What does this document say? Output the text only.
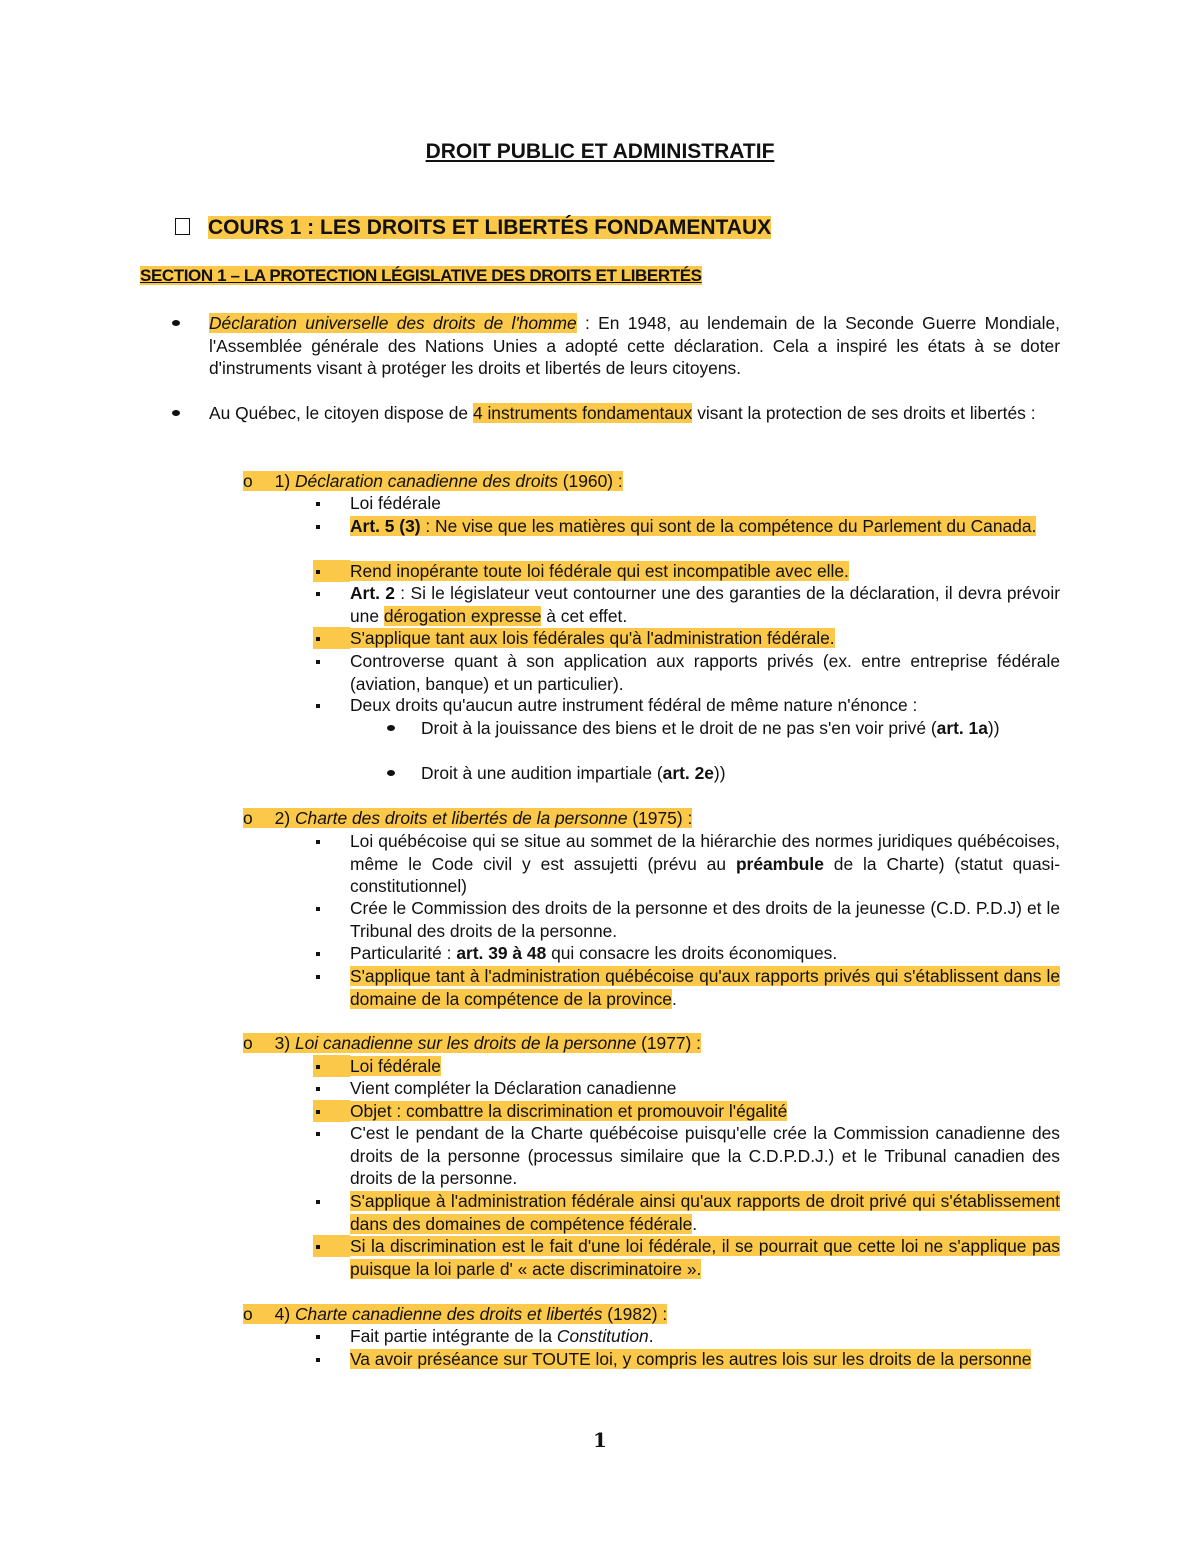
DROIT PUBLIC ET ADMINISTRATIF
COURS 1 : LES DROITS ET LIBERTÉS FONDAMENTAUX
SECTION 1 – LA PROTECTION LÉGISLATIVE DES DROITS ET LIBERTÉS

Déclaration universelle des droits de l'homme : En 1948, au lendemain de la Seconde Guerre Mondiale, l'Assemblée générale des Nations Unies a adopté cette déclaration. Cela a inspiré les états à se doter d'instruments visant à protéger les droits et libertés de leurs citoyens.

Au Québec, le citoyen dispose de 4 instruments fondamentaux visant la protection de ses droits et libertés :

o 1) Déclaration canadienne des droits (1960) :

Loi fédérale

Art. 5 (3) : Ne vise que les matières qui sont de la compétence du Parlement du Canada.

Rend inopérante toute loi fédérale qui est incompatible avec elle.

Art. 2 : Si le législateur veut contourner une des garanties de la déclaration, il devra prévoir une dérogation expresse à cet effet.

S'applique tant aux lois fédérales qu'à l'administration fédérale.

Controverse quant à son application aux rapports privés (ex. entre entreprise fédérale (aviation, banque) et un particulier).

Deux droits qu'aucun autre instrument fédéral de même nature n'énonce :

Droit à la jouissance des biens et le droit de ne pas s'en voir privé (art. 1a))

Droit à une audition impartiale (art. 2e))

o 2) Charte des droits et libertés de la personne (1975) :

Loi québécoise qui se situe au sommet de la hiérarchie des normes juridiques québécoises, même le Code civil y est assujetti (prévu au préambule de la Charte) (statut quasi-constitutionnel)

Crée le Commission des droits de la personne et des droits de la jeunesse (C.D. P.D.J) et le Tribunal des droits de la personne.

Particularité : art. 39 à 48 qui consacre les droits économiques.

S'applique tant à l'administration québécoise qu'aux rapports privés qui s'établissent dans le domaine de la compétence de la province.

o 3) Loi canadienne sur les droits de la personne (1977) :

Loi fédérale

Vient compléter la Déclaration canadienne

Objet : combattre la discrimination et promouvoir l'égalité

C'est le pendant de la Charte québécoise puisqu'elle crée la Commission canadienne des droits de la personne (processus similaire que la C.D.P.D.J.) et le Tribunal canadien des droits de la personne.

S'applique à l'administration fédérale ainsi qu'aux rapports de droit privé qui s'établissement dans des domaines de compétence fédérale.

Si la discrimination est le fait d'une loi fédérale, il se pourrait que cette loi ne s'applique pas puisque la loi parle d' « acte discriminatoire ».

o 4) Charte canadienne des droits et libertés (1982) :

Fait partie intégrante de la Constitution.

Va avoir préséance sur TOUTE loi, y compris les autres lois sur les droits de la personne

1
